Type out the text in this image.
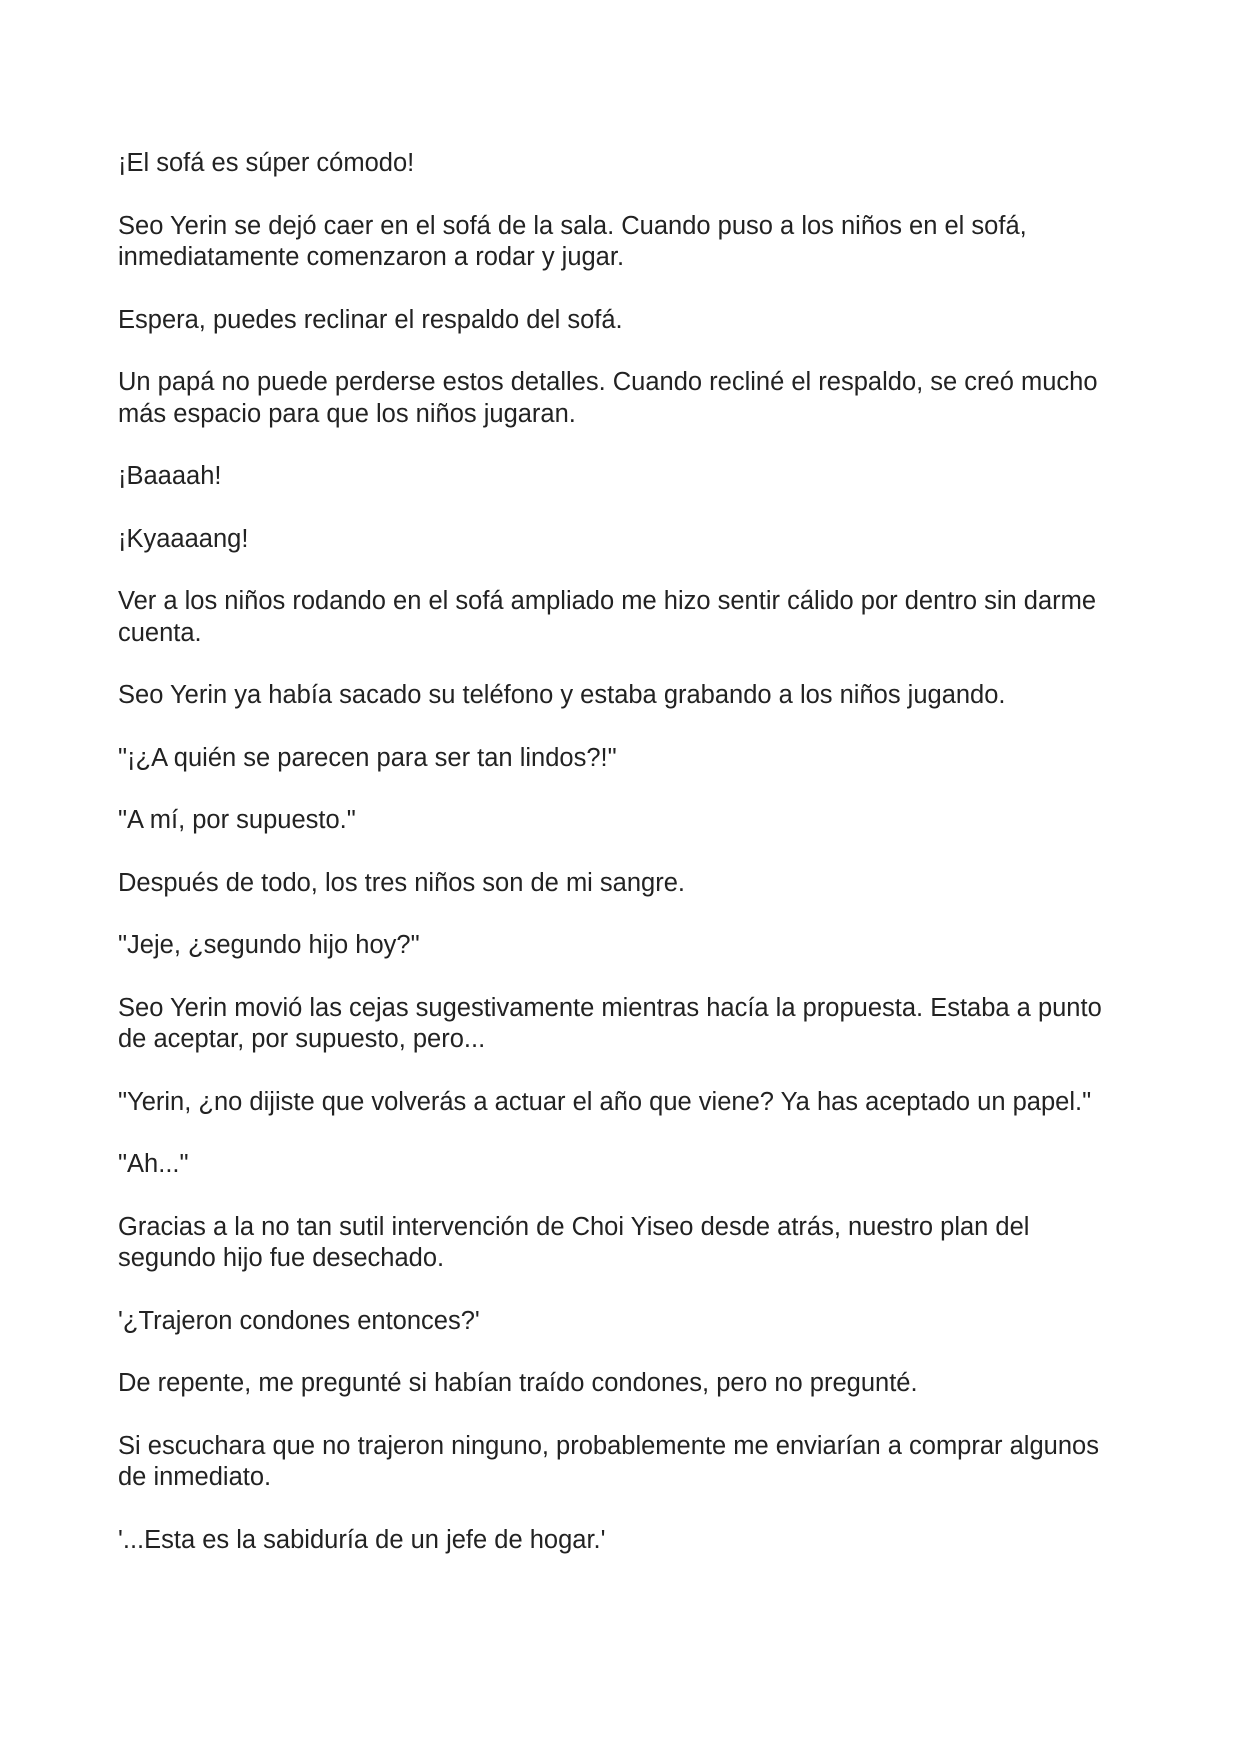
¡El sofá es súper cómodo!

Seo Yerin se dejó caer en el sofá de la sala. Cuando puso a los niños en el sofá, inmediatamente comenzaron a rodar y jugar.

Espera, puedes reclinar el respaldo del sofá.

Un papá no puede perderse estos detalles. Cuando recliné el respaldo, se creó mucho más espacio para que los niños jugaran.

¡Baaaah!

¡Kyaaaang!

Ver a los niños rodando en el sofá ampliado me hizo sentir cálido por dentro sin darme cuenta.

Seo Yerin ya había sacado su teléfono y estaba grabando a los niños jugando.

"¡¿A quién se parecen para ser tan lindos?!"

"A mí, por supuesto."

Después de todo, los tres niños son de mi sangre.

"Jeje, ¿segundo hijo hoy?"

Seo Yerin movió las cejas sugestivamente mientras hacía la propuesta. Estaba a punto de aceptar, por supuesto, pero...

"Yerin, ¿no dijiste que volverás a actuar el año que viene? Ya has aceptado un papel."

"Ah..."

Gracias a la no tan sutil intervención de Choi Yiseo desde atrás, nuestro plan del segundo hijo fue desechado.

'¿Trajeron condones entonces?'

De repente, me pregunté si habían traído condones, pero no pregunté.

Si escuchara que no trajeron ninguno, probablemente me enviarían a comprar algunos de inmediato.

'...Esta es la sabiduría de un jefe de hogar.'
